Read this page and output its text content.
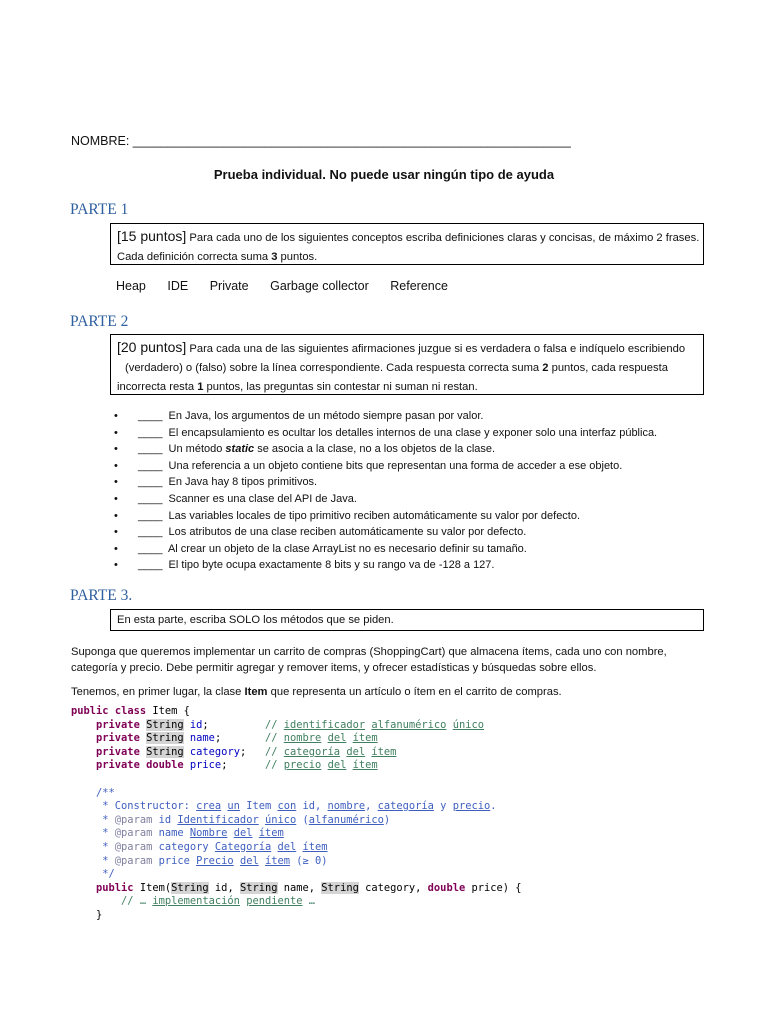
NOMBRE: _______________________________________________________________
Prueba individual. No puede usar ningún tipo de ayuda
PARTE 1
[15 puntos] Para cada uno de los siguientes conceptos escriba definiciones claras y concisas, de máximo 2 frases.
Cada definición correcta suma 3 puntos.
Heap IDE Private Garbage collector Reference
PARTE 2
[20 puntos] Para cada una de las siguientes afirmaciones juzgue si es verdadera o falsa e indíquelo escribiendo
(verdadero) o (falso) sobre la línea correspondiente. Cada respuesta correcta suma 2 puntos, cada respuesta
incorrecta resta 1 puntos, las preguntas sin contestar ni suman ni restan.
• ____ En Java, los argumentos de un método siempre pasan por valor.
• ____ El encapsulamiento es ocultar los detalles internos de una clase y exponer solo una interfaz pública.
• ____ Un método static se asocia a la clase, no a los objetos de la clase.
• ____ Una referencia a un objeto contiene bits que representan una forma de acceder a ese objeto.
• ____ En Java hay 8 tipos primitivos.
• ____ Scanner es una clase del API de Java.
• ____ Las variables locales de tipo primitivo reciben automáticamente su valor por defecto.
• ____ Los atributos de una clase reciben automáticamente su valor por defecto.
• ____ Al crear un objeto de la clase ArrayList no es necesario definir su tamaño.
• ____ El tipo byte ocupa exactamente 8 bits y su rango va de -128 a 127.
PARTE 3.
En esta parte, escriba SOLO los métodos que se piden.
Suponga que queremos implementar un carrito de compras (ShoppingCart) que almacena ítems, cada uno con nombre, categoría y precio. Debe permitir agregar y remover items, y ofrecer estadísticas y búsquedas sobre ellos.
Tenemos, en primer lugar, la clase Item que representa un artículo o ítem en el carrito de compras.
public class Item {
private String id;         // identificador alfanumérico único
private String name;       // nombre del ítem
private String category;   // categoría del ítem
private double price;      // precio del ítem

/**
* Constructor: crea un Item con id, nombre, categoría y precio.
* @param id Identificador único (alfanumérico)
* @param name Nombre del ítem
* @param category Categoría del ítem
* @param price Precio del ítem (≥ 0)
*/
public Item(String id, String name, String category, double price) {
// … implementación pendiente …
}
